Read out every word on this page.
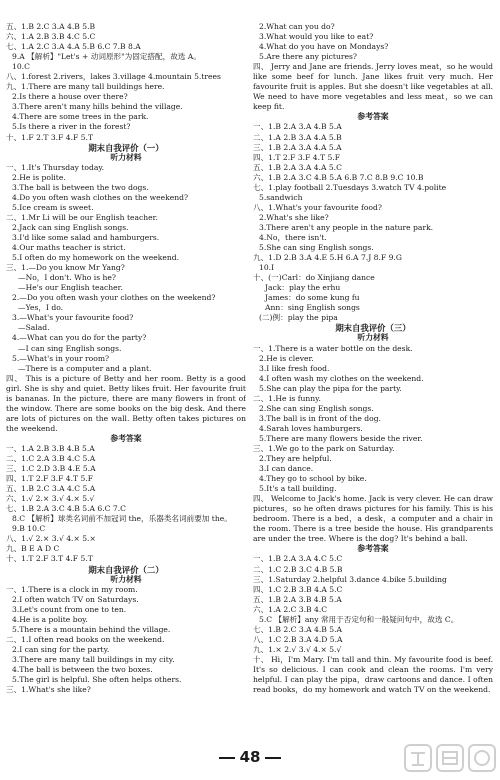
五、1.B 2.C 3.A 4.B 5.B
六、1.A 2.B 3.B 4.C 5.C
七、1.A 2.C 3.A 4.A 5.B 6.C 7.B 8.A
9.A 【解析】"Let's + 动词原形"为固定搭配，故选 A。
10.C
八、1.forest 2.rivers，lakes 3.village 4.mountain 5.trees
九、1.There are many tall buildings here.
2.Is there a house over there?
3.There aren't many hills behind the village.
4.There are some trees in the park.
5.Is there a river in the forest?
十、1.F 2.T 3.F 4.F 5.T
期末自我评价（一）
听力材料
一、1.It's Thursday today.
2.He is polite.
3.The ball is between the two dogs.
4.Do you often wash clothes on the weekend?
5.Ice cream is sweet.
二、1.Mr Li will be our English teacher.
2.Jack can sing English songs.
3.I'd like some salad and hamburgers.
4.Our maths teacher is strict.
5.I often do my homework on the weekend.
三、1.—Do you know Mr Yang?
—No，I don't. Who is he?
—He's our English teacher.
2.—Do you often wash your clothes on the weekend?
—Yes，I do.
3.—What's your favourite food?
—Salad.
4.—What can you do for the party?
—I can sing English songs.
5.—What's in your room?
—There is a computer and a plant.
四、 This is a picture of Betty and her room. Betty is a good girl. She is shy and quiet. Betty likes fruit. Her favourite fruit is bananas. In the picture, there are many flowers in front of the window. There are some books on the big desk. And there are lots of pictures on the wall. Betty often takes pictures on the weekend.
参考答案
一、1.A 2.B 3.B 4.B 5.A
二、1.C 2.A 3.B 4.C 5.A
三、1.C 2.D 3.B 4.E 5.A
四、1.T 2.F 3.F 4.T 5.F
五、1.B 2.C 3.A 4.C 5.A
六、1.√ 2.× 3.√ 4.× 5.√
七、1.B 2.A 3.C 4.B 5.A 6.C 7.C
8.C 【解析】球类名词前不加冠词 the，乐器类名词前要加 the。
9.B 10.C
八、1.√ 2.× 3.√ 4.× 5.×
九、B E A D C
十、1.T 2.F 3.T 4.F 5.T
期末自我评价（二）
听力材料
一、1.There is a clock in my room.
2.I often watch TV on Saturdays.
3.Let's count from one to ten.
4.He is a polite boy.
5.There is a mountain behind the village.
二、1.I often read books on the weekend.
2.I can sing for the party.
3.There are many tall buildings in my city.
4.The ball is between the two boxes.
5.The girl is helpful. She often helps others.
三、1.What's she like?
2.What can you do?
3.What would you like to eat?
4.What do you have on Mondays?
5.Are there any pictures?
四、 Jerry and Jane are friends. Jerry loves meat，so he would like some beef for lunch. Jane likes fruit very much. Her favourite fruit is apples. But she doesn't like vegetables at all. We need to have more vegetables and less meat，so we can keep fit.
参考答案
一、1.B 2.A 3.A 4.B 5.A
二、1.A 2.B 3.A 4.A 5.B
三、1.B 2.A 3.A 4.A 5.A
四、1.T 2.F 3.F 4.T 5.F
五、1.B 2.A 3.A 4.A 5.C
六、1.B 2.A 3.C 4.B 5.A 6.B 7.C 8.B 9.C 10.B
七、1.play football 2.Tuesdays 3.watch TV 4.polite
5.sandwich
八、1.What's your favourite food?
2.What's she like?
3.There aren't any people in the nature park.
4.No，there isn't.
5.She can sing English songs.
九、1.D 2.B 3.A 4.E 5.H 6.A 7.J 8.F 9.G
10.I
十、(一)Carl：do Xinjiang dance
Jack：play the erhu
James：do some kung fu
Ann：sing English songs
(二)例：play the pipa
期末自我评价（三）
听力材料
一、1.There is a water bottle on the desk.
2.He is clever.
3.I like fresh food.
4.I often wash my clothes on the weekend.
5.She can play the pipa for the party.
二、1.He is funny.
2.She can sing English songs.
3.The ball is in front of the dog.
4.Sarah loves hamburgers.
5.There are many flowers beside the river.
三、1.We go to the park on Saturday.
2.They are helpful.
3.I can dance.
4.They go to school by bike.
5.It's a tall building.
四、 Welcome to Jack's home. Jack is very clever. He can draw pictures，so he often draws pictures for his family. This is his bedroom. There is a bed，a desk，a computer and a chair in the room. There is a tree beside the house. His grandparents are under the tree. Where is the dog? It's behind a ball.
参考答案
一、1.B 2.A 3.A 4.C 5.C
二、1.C 2.B 3.C 4.B 5.B
三、1.Saturday 2.helpful 3.dance 4.bike 5.building
四、1.C 2.B 3.B 4.A 5.C
五、1.B 2.A 3.B 4.B 5.A
六、1.A 2.C 3.B 4.C
5.C 【解析】any 常用于否定句和一般疑问句中，故选 C。
七、1.B 2.C 3.A 4.B 5.A
八、1.C 2.B 3.A 4.D 5.A
九、1.× 2.√ 3.√ 4.× 5.√
十、 Hi，I'm Mary. I'm tall and thin. My favourite food is beef. It's so delicious. I can cook and clean the rooms. I'm very helpful. I can play the pipa，draw cartoons and dance. I often read books，do my homework and watch TV on the weekend.
48
